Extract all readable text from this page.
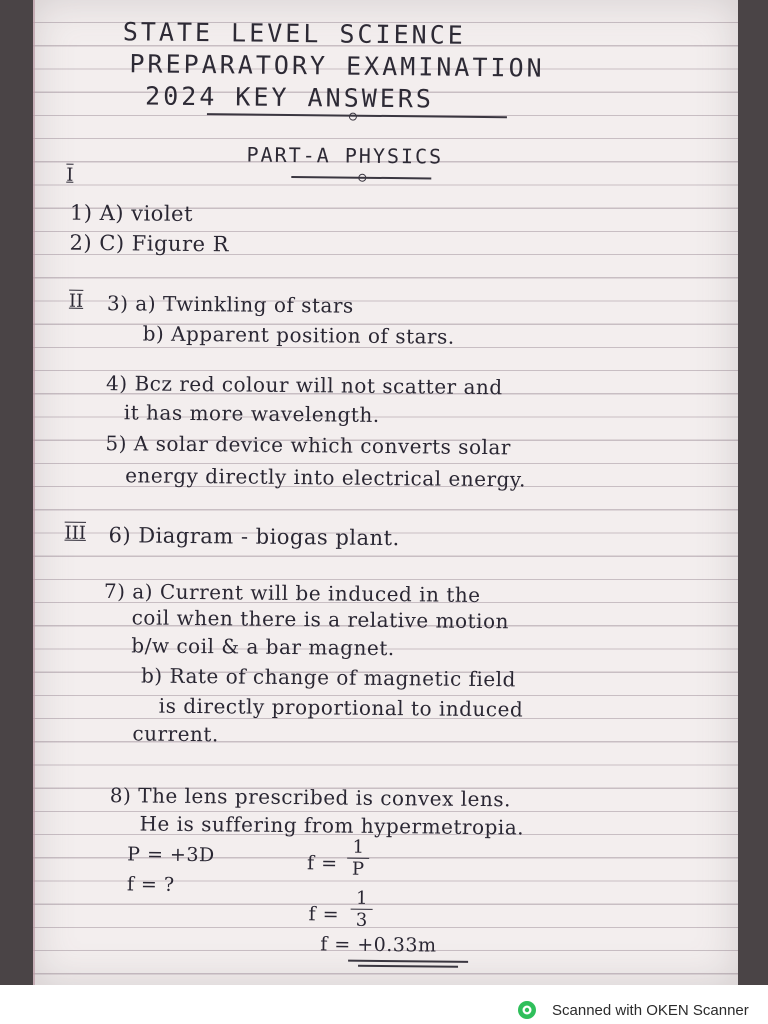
STATE LEVEL SCIENCE
PREPARATORY EXAMINATION
2024 KEY ANSWERS
PART-A PHYSICS
I
1) A) violet
2) C) Figure R
II 3) a) Twinkling of stars
b) Apparent position of stars.
4) Bcz red colour will not scatter and
it has more wavelength.
5) A solar device which converts solar
energy directly into electrical energy.
III 6) Diagram - biogas plant.
7) a) Current will be induced in the
coil when there is a relative motion
b/w coil & a bar magnet.
b) Rate of change of magnetic field
is directly proportional to induced
current.
8) The lens prescribed is convex lens.
He is suffering from hypermetropia.
P = +3D
f = ?
f =
1
P
f =
1
3
f = +0.33m
Scanned with OKEN Scanner
